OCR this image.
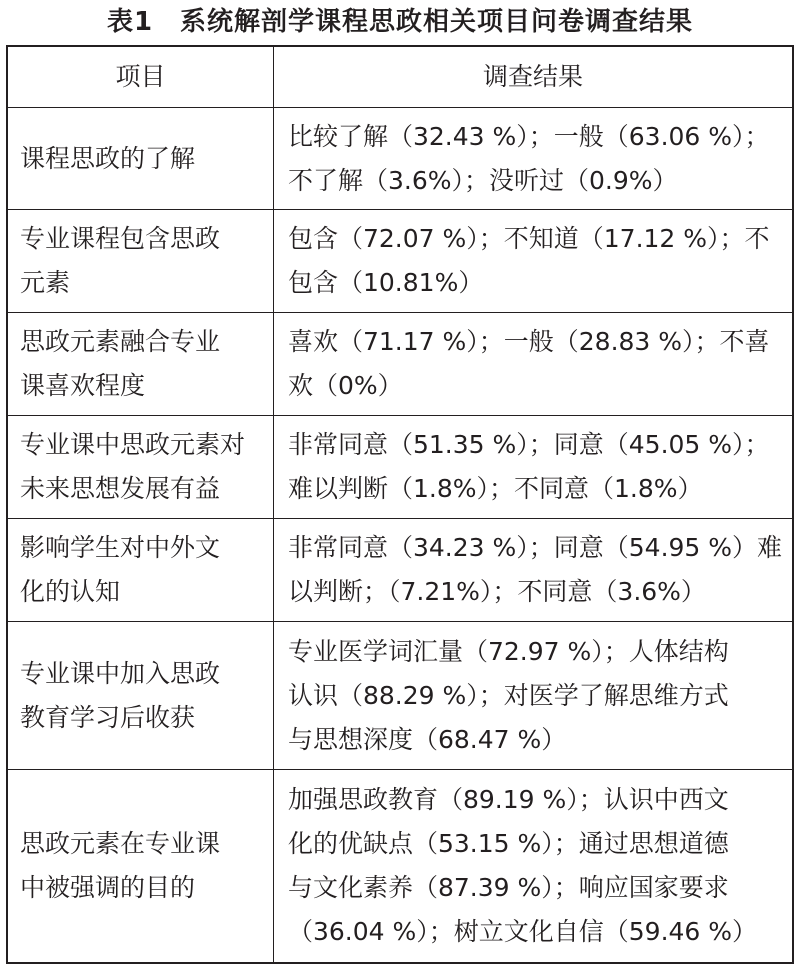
表1　系统解剖学课程思政相关项目问卷调查结果
项目	调查结果
课程思政的了解
比较了解（32.43 %）；一般（63.06 %）；
不了解（3.6%）；没听过（0.9%）
专业课程包含思政
元素
包含（72.07 %）；不知道（17.12 %）；不
包含（10.81%）
思政元素融合专业
课喜欢程度
喜欢（71.17 %）；一般（28.83 %）；不喜
欢（0%）
专业课中思政元素对
未来思想发展有益
非常同意（51.35 %）；同意（45.05 %）；
难以判断（1.8%）；不同意（1.8%）
影响学生对中外文
化的认知
非常同意（34.23 %）；同意（54.95 %）难
以判断；（7.21%）；不同意（3.6%）
专业课中加入思政
教育学习后收获
专业医学词汇量（72.97 %）；人体结构
认识（88.29 %）；对医学了解思维方式
与思想深度（68.47 %）
思政元素在专业课
中被强调的目的
加强思政教育（89.19 %）；认识中西文
化的优缺点（53.15 %）；通过思想道德
与文化素养（87.39 %）；响应国家要求
（36.04 %）；树立文化自信（59.46 %）
